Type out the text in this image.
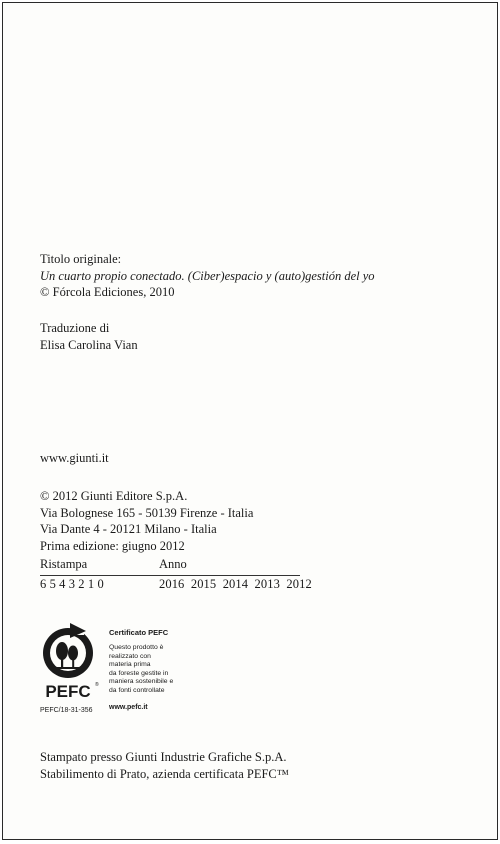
Titolo originale:
Un cuarto propio conectado. (Ciber)espacio y (auto)gestión del yo
© Fórcola Ediciones, 2010
Traduzione di
Elisa Carolina Vian
www.giunti.it
© 2012 Giunti Editore S.p.A.
Via Bolognese 165 - 50139 Firenze - Italia
Via Dante 4 - 20121 Milano - Italia
Prima edizione: giugno 2012
Ristampa	Anno
6 5 4 3 2 1 0	2016  2015  2014  2013  2012
PEFC ®
PEFC/18-31-356
Certificato PEFC
Questo prodotto è
realizzato con
materia prima
da foreste gestite in
maniera sostenibile e
da fonti controllate
www.pefc.it
Stampato presso Giunti Industrie Grafiche S.p.A.
Stabilimento di Prato, azienda certificata PEFC™
